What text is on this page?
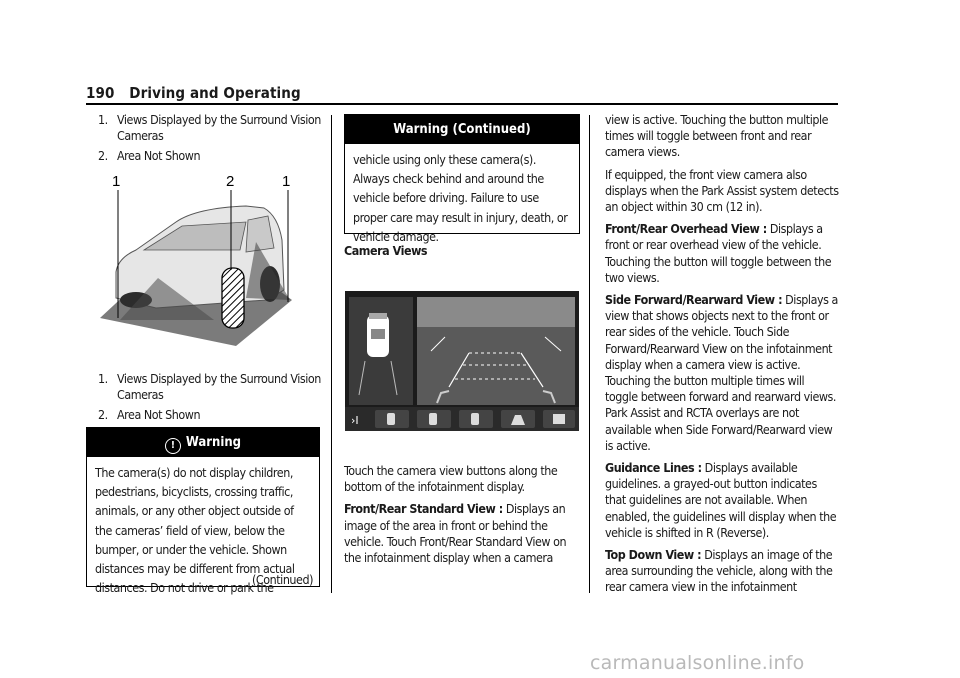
190 Driving and Operating
1. Views Displayed by the Surround Vision Cameras
2. Area Not Shown
1	2	1
1. Views Displayed by the Surround Vision Cameras
2. Area Not Shown
! Warning
The camera(s) do not display children, pedestrians, bicyclists, crossing traffic, animals, or any other object outside of the cameras’ field of view, below the bumper, or under the vehicle. Shown distances may be different from actual distances. Do not drive or park the
(Continued)
Warning (Continued)
vehicle using only these camera(s). Always check behind and around the vehicle before driving. Failure to use proper care may result in injury, death, or vehicle damage.

Camera Views

›I

Touch the camera view buttons along the bottom of the infotainment display.

Front/Rear Standard View : Displays an image of the area in front or behind the vehicle. Touch Front/Rear Standard View on the infotainment display when a camera

view is active. Touching the button multiple times will toggle between front and rear camera views.

If equipped, the front view camera also displays when the Park Assist system detects an object within 30 cm (12 in).

Front/Rear Overhead View : Displays a front or rear overhead view of the vehicle. Touching the button will toggle between the two views.

Side Forward/Rearward View : Displays a view that shows objects next to the front or rear sides of the vehicle. Touch Side Forward/Rearward View on the infotainment display when a camera view is active. Touching the button multiple times will toggle between forward and rearward views. Park Assist and RCTA overlays are not available when Side Forward/Rearward view is active.

Guidance Lines : Displays available guidelines. a grayed-out button indicates that guidelines are not available. When enabled, the guidelines will display when the vehicle is shifted in R (Reverse).

Top Down View : Displays an image of the area surrounding the vehicle, along with the rear camera view in the infotainment

carmanualsonline.info
